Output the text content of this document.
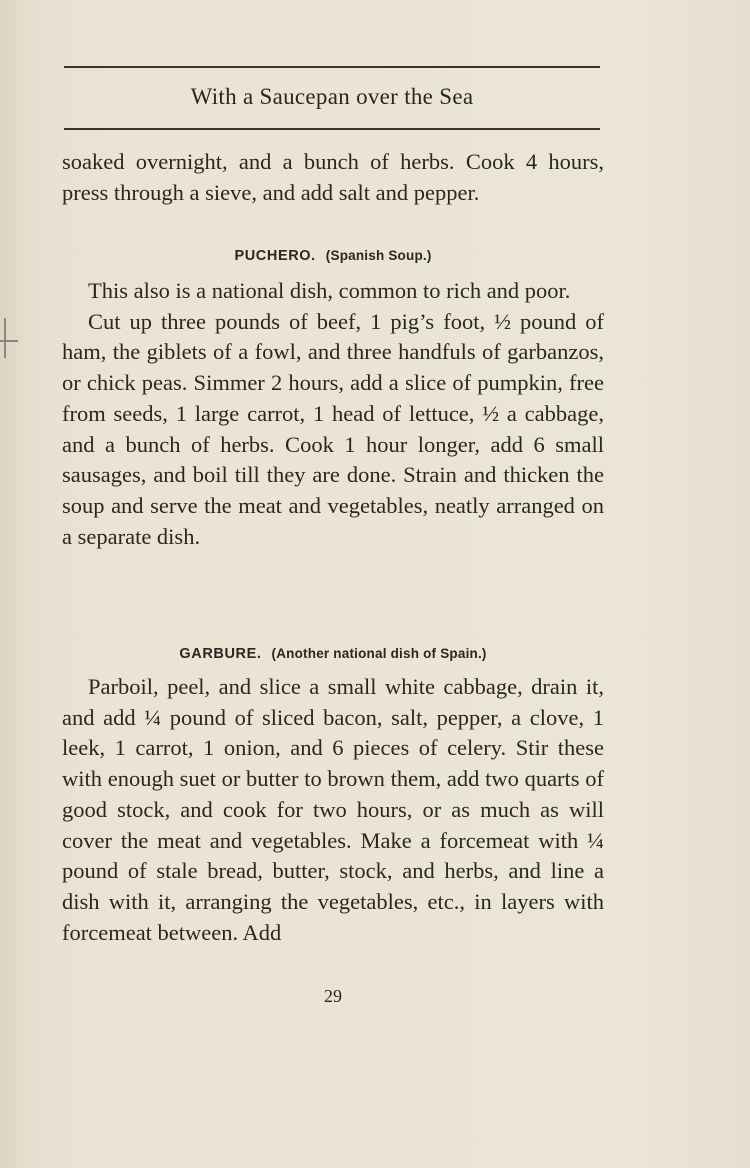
With a Saucepan over the Sea

soaked overnight, and a bunch of herbs. Cook 4 hours, press through a sieve, and add salt and pepper.

PUCHERO. (Spanish Soup.)

This also is a national dish, common to rich and poor.

Cut up three pounds of beef, 1 pig’s foot, ½ pound of ham, the giblets of a fowl, and three handfuls of garbanzos, or chick peas. Simmer 2 hours, add a slice of pumpkin, free from seeds, 1 large carrot, 1 head of lettuce, ½ a cabbage, and a bunch of herbs. Cook 1 hour longer, add 6 small sausages, and boil till they are done. Strain and thicken the soup and serve the meat and vegetables, neatly arranged on a separate dish.

GARBURE. (Another national dish of Spain.)

Parboil, peel, and slice a small white cabbage, drain it, and add ¼ pound of sliced bacon, salt, pepper, a clove, 1 leek, 1 carrot, 1 onion, and 6 pieces of celery. Stir these with enough suet or butter to brown them, add two quarts of good stock, and cook for two hours, or as much as will cover the meat and vegetables. Make a forcemeat with ¼ pound of stale bread, butter, stock, and herbs, and line a dish with it, arranging the vegetables, etc., in layers with forcemeat between. Add

29
